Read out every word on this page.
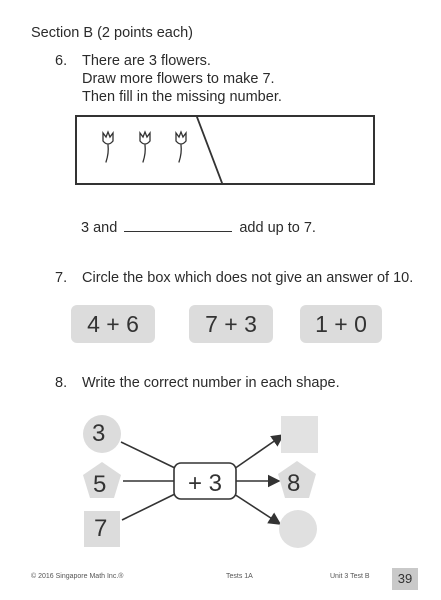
Section B (2 points each)
6. There are 3 flowers.
Draw more flowers to make 7.
Then fill in the missing number.
3 and	add up to 7.
7. Circle the box which does not give an answer of 10.
4 + 6	7 + 3	1 + 0
8. Write the correct number in each shape.
3
5
7
+ 3	8
© 2016 Singapore Math Inc.®	Tests 1A	Unit 3 Test B	39
